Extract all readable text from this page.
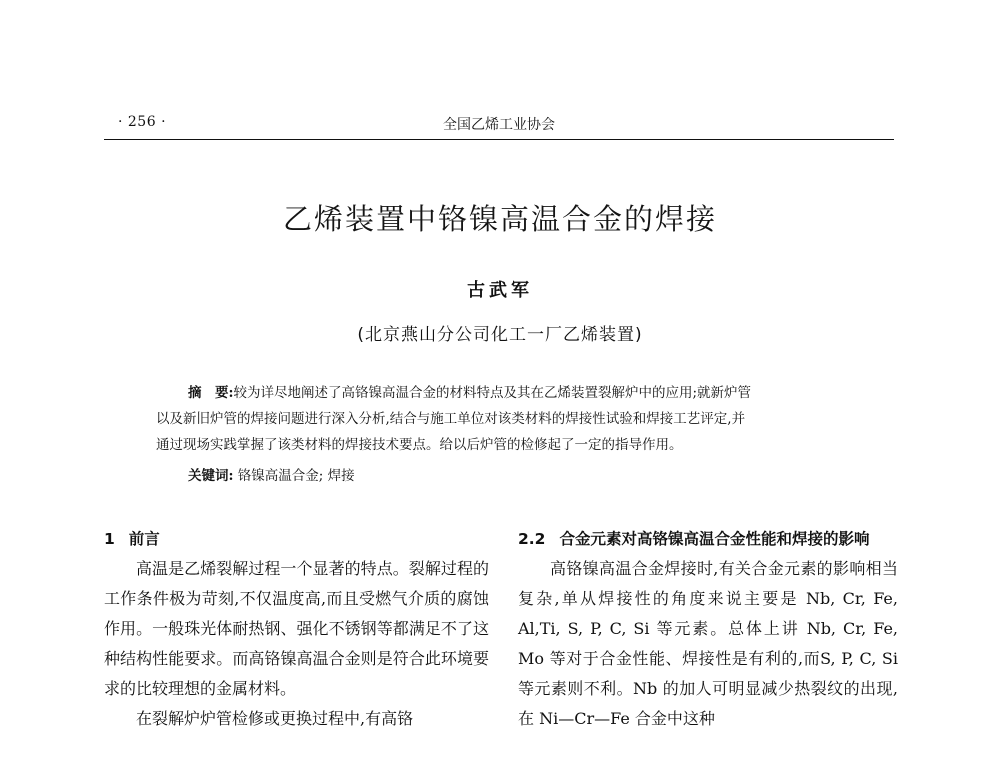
· 256 ·	全国乙烯工业协会
乙烯装置中铬镍高温合金的焊接
古武军
(北京燕山分公司化工一厂乙烯装置)

摘　要:较为详尽地阐述了高铬镍高温合金的材料特点及其在乙烯装置裂解炉中的应用;就新炉管

以及新旧炉管的焊接问题进行深入分析,结合与施工单位对该类材料的焊接性试验和焊接工艺评定,并

通过现场实践掌握了该类材料的焊接技术要点。给以后炉管的检修起了一定的指导作用。

关键词: 铬镍高温合金; 焊接

1 前言

高温是乙烯裂解过程一个显著的特点。裂解过程的工作条件极为苛刻,不仅温度高,而且受燃气介质的腐蚀作用。一般珠光体耐热钢、强化不锈钢等都满足不了这种结构性能要求。而高铬镍高温合金则是符合此环境要求的比较理想的金属材料。

在裂解炉炉管检修或更换过程中,有高铬

2.2 合金元素对高铬镍高温合金性能和焊接的影响

高铬镍高温合金焊接时,有关合金元素的影响相当复杂,单从焊接性的角度来说主要是 Nb, Cr, Fe, Al,Ti, S, P, C, Si 等元素。总体上讲 Nb, Cr, Fe, Mo 等对于合金性能、焊接性是有利的,而S, P, C, Si 等元素则不利。Nb 的加人可明显减少热裂纹的出现,在 Ni—Cr—Fe 合金中这种
